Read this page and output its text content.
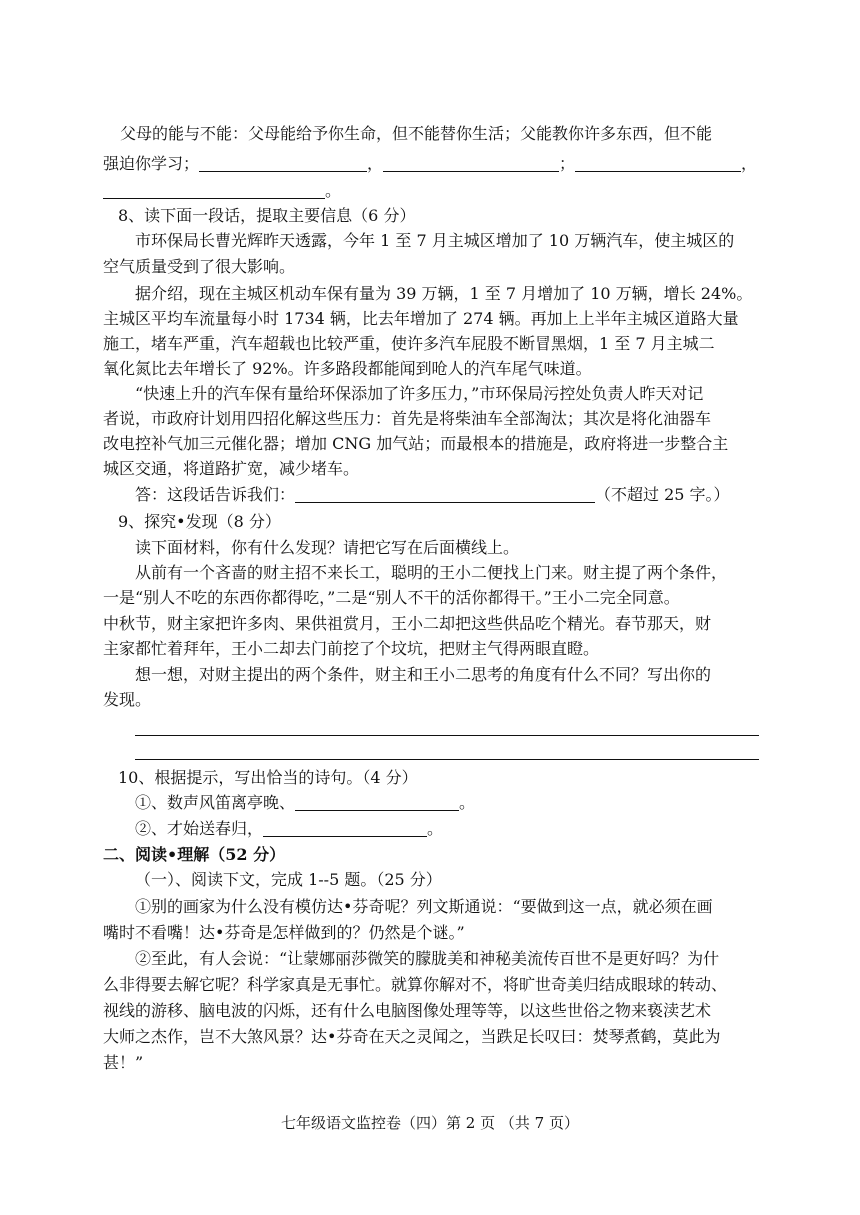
父母的能与不能：父母能给予你生命，但不能替你生活；父能教你许多东西，但不能
强迫你学习；	，	；	，
。
8、读下面一段话，提取主要信息（6 分）
市环保局长曹光辉昨天透露，今年 1 至 7 月主城区增加了 10 万辆汽车，使主城区的
空气质量受到了很大影响。
据介绍，现在主城区机动车保有量为 39 万辆，1 至 7 月增加了 10 万辆，增长 24%。
主城区平均车流量每小时 1734 辆，比去年增加了 274 辆。再加上上半年主城区道路大量
施工，堵车严重，汽车超载也比较严重，使许多汽车屁股不断冒黑烟，1 至 7 月主城二
氧化氮比去年增长了 92%。许多路段都能闻到呛人的汽车尾气味道。
“快速上升的汽车保有量给环保添加了许多压力，”市环保局污控处负责人昨天对记
者说，市政府计划用四招化解这些压力：首先是将柴油车全部淘汰；其次是将化油器车
改电控补气加三元催化器；增加 CNG 加气站；而最根本的措施是，政府将进一步整合主
城区交通，将道路扩宽，减少堵车。
答：这段话告诉我们：	（不超过 25 字。）
9、探究•发现（8 分）
读下面材料，你有什么发现？请把它写在后面横线上。
从前有一个吝啬的财主招不来长工，聪明的王小二便找上门来。财主提了两个条件，
一是“别人不吃的东西你都得吃，”二是“别人不干的活你都得干。”王小二完全同意。
中秋节，财主家把许多肉、果供祖赏月，王小二却把这些供品吃个精光。春节那天，财
主家都忙着拜年，王小二却去门前挖了个坟坑，把财主气得两眼直瞪。
想一想，对财主提出的两个条件，财主和王小二思考的角度有什么不同？写出你的
发现。
10、根据提示，写出恰当的诗句。（4 分）
①、数声风笛离亭晚、	。
②、才始送春归，	。
二、阅读•理解（52 分）
（一）、阅读下文，完成 1--5 题。（25 分）
①别的画家为什么没有模仿达•芬奇呢？列文斯通说：“要做到这一点，就必须在画
嘴时不看嘴！达•芬奇是怎样做到的？仍然是个谜。”
②至此，有人会说：“让蒙娜丽莎微笑的朦胧美和神秘美流传百世不是更好吗？为什
么非得要去解它呢？科学家真是无事忙。就算你解对不，将旷世奇美归结成眼球的转动、
视线的游移、脑电波的闪烁，还有什么电脑图像处理等等，以这些世俗之物来亵渎艺术
大师之杰作，岂不大煞风景？达•芬奇在天之灵闻之，当跌足长叹曰：焚琴煮鹤，莫此为
甚！”
七年级语文监控卷（四）第 2 页 （共 7 页）
